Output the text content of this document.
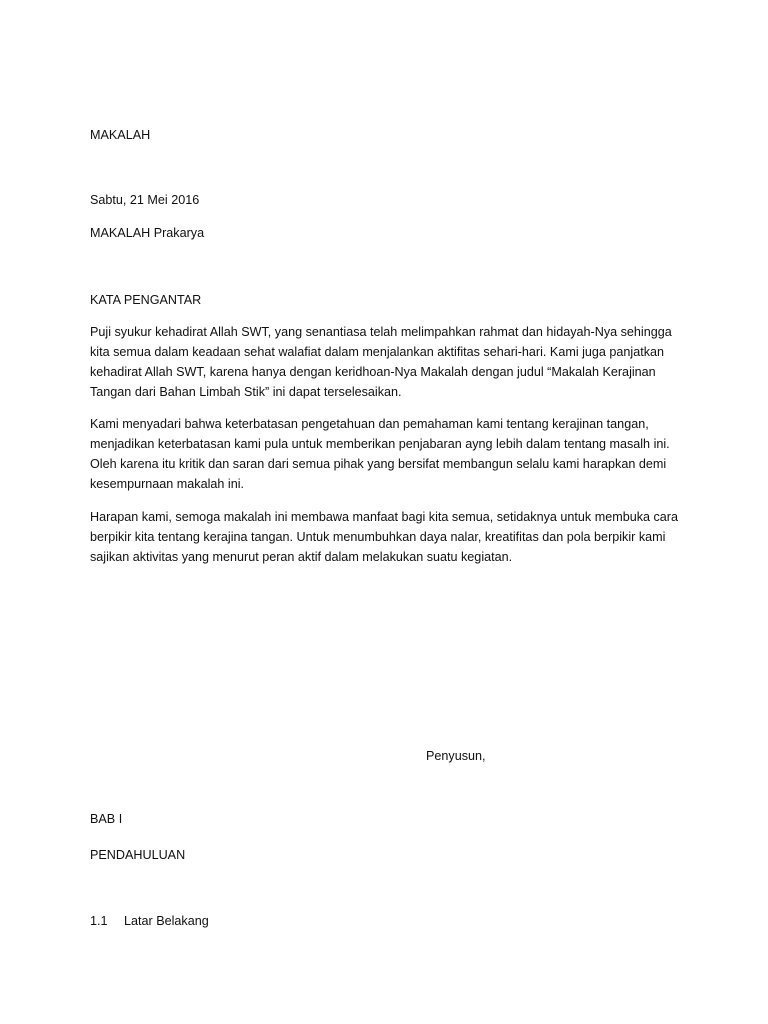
MAKALAH
Sabtu, 21 Mei 2016
MAKALAH Prakarya
KATA PENGANTAR
Puji syukur kehadirat Allah SWT, yang senantiasa telah melimpahkan rahmat dan hidayah-Nya sehingga
kita semua dalam keadaan sehat walafiat dalam menjalankan aktifitas sehari-hari. Kami juga panjatkan
kehadirat Allah SWT, karena hanya dengan keridhoan-Nya Makalah dengan judul “Makalah Kerajinan
Tangan dari Bahan Limbah Stik” ini dapat terselesaikan.
Kami menyadari bahwa keterbatasan pengetahuan dan pemahaman kami tentang kerajinan tangan,
menjadikan keterbatasan kami pula untuk memberikan penjabaran ayng lebih dalam tentang masalh ini.
Oleh karena itu kritik dan saran dari semua pihak yang bersifat membangun selalu kami harapkan demi
kesempurnaan makalah ini.
Harapan kami, semoga makalah ini membawa manfaat bagi kita semua, setidaknya untuk membuka cara
berpikir kita tentang kerajina tangan. Untuk menumbuhkan daya nalar, kreatifitas dan pola berpikir kami
sajikan aktivitas yang menurut peran aktif dalam melakukan suatu kegiatan.
Penyusun,
BAB I
PENDAHULUAN
1.1 Latar Belakang
